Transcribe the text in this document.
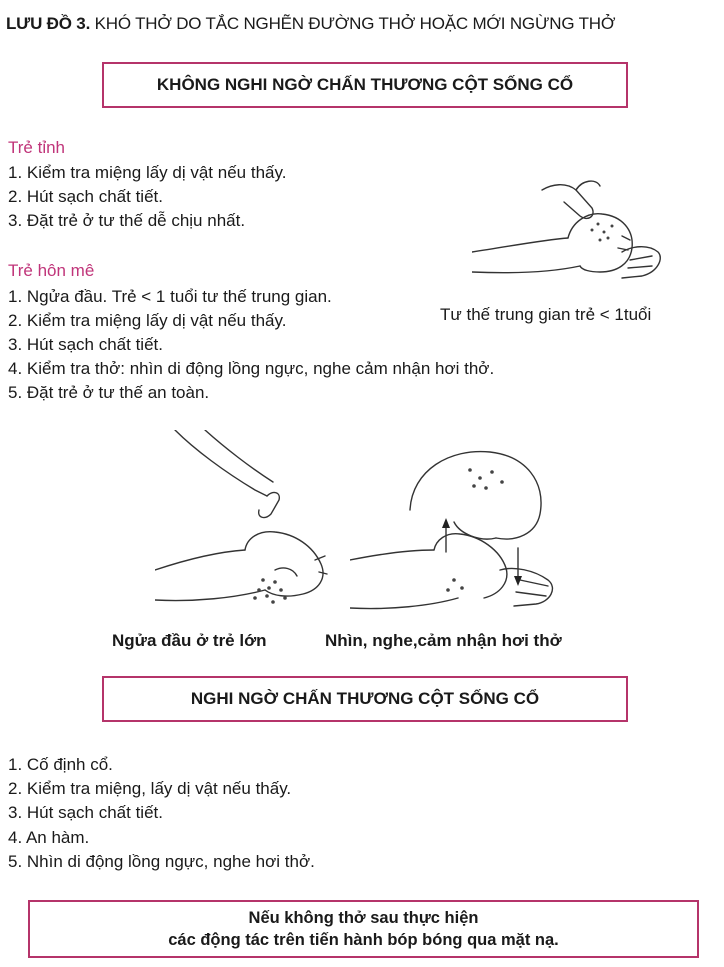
LƯU ĐỒ 3. KHÓ THỞ DO TẮC NGHẼN ĐƯỜNG THỞ HOẶC MỚI NGỪNG THỞ
KHÔNG NGHI NGỜ CHẤN THƯƠNG CỘT SỐNG CỔ
Trẻ tỉnh
1. Kiểm tra miệng lấy dị vật nếu thấy.
2. Hút sạch chất tiết.
3. Đặt trẻ ở tư thế dễ chịu nhất.
Trẻ hôn mê
1. Ngửa đầu. Trẻ < 1 tuổi tư thế trung gian.
2. Kiểm tra miệng lấy dị vật nếu thấy.
3. Hút sạch chất tiết.
4. Kiểm tra thở: nhìn di động lồng ngực, nghe cảm nhận hơi thở.
5. Đặt trẻ ở tư thế an toàn.
Tư thế trung gian trẻ < 1tuổi
Ngửa đầu ở trẻ lớn	Nhìn, nghe,cảm nhận hơi thở
NGHI NGỜ CHẤN THƯƠNG CỘT SỐNG CỔ
1. Cố định cổ.
2. Kiểm tra miệng, lấy dị vật nếu thấy.
3. Hút sạch chất tiết.
4. An hàm.
5. Nhìn di động lồng ngực, nghe hơi thở.
Nếu không thở sau thực hiện
các động tác trên tiến hành bóp bóng qua mặt nạ.
